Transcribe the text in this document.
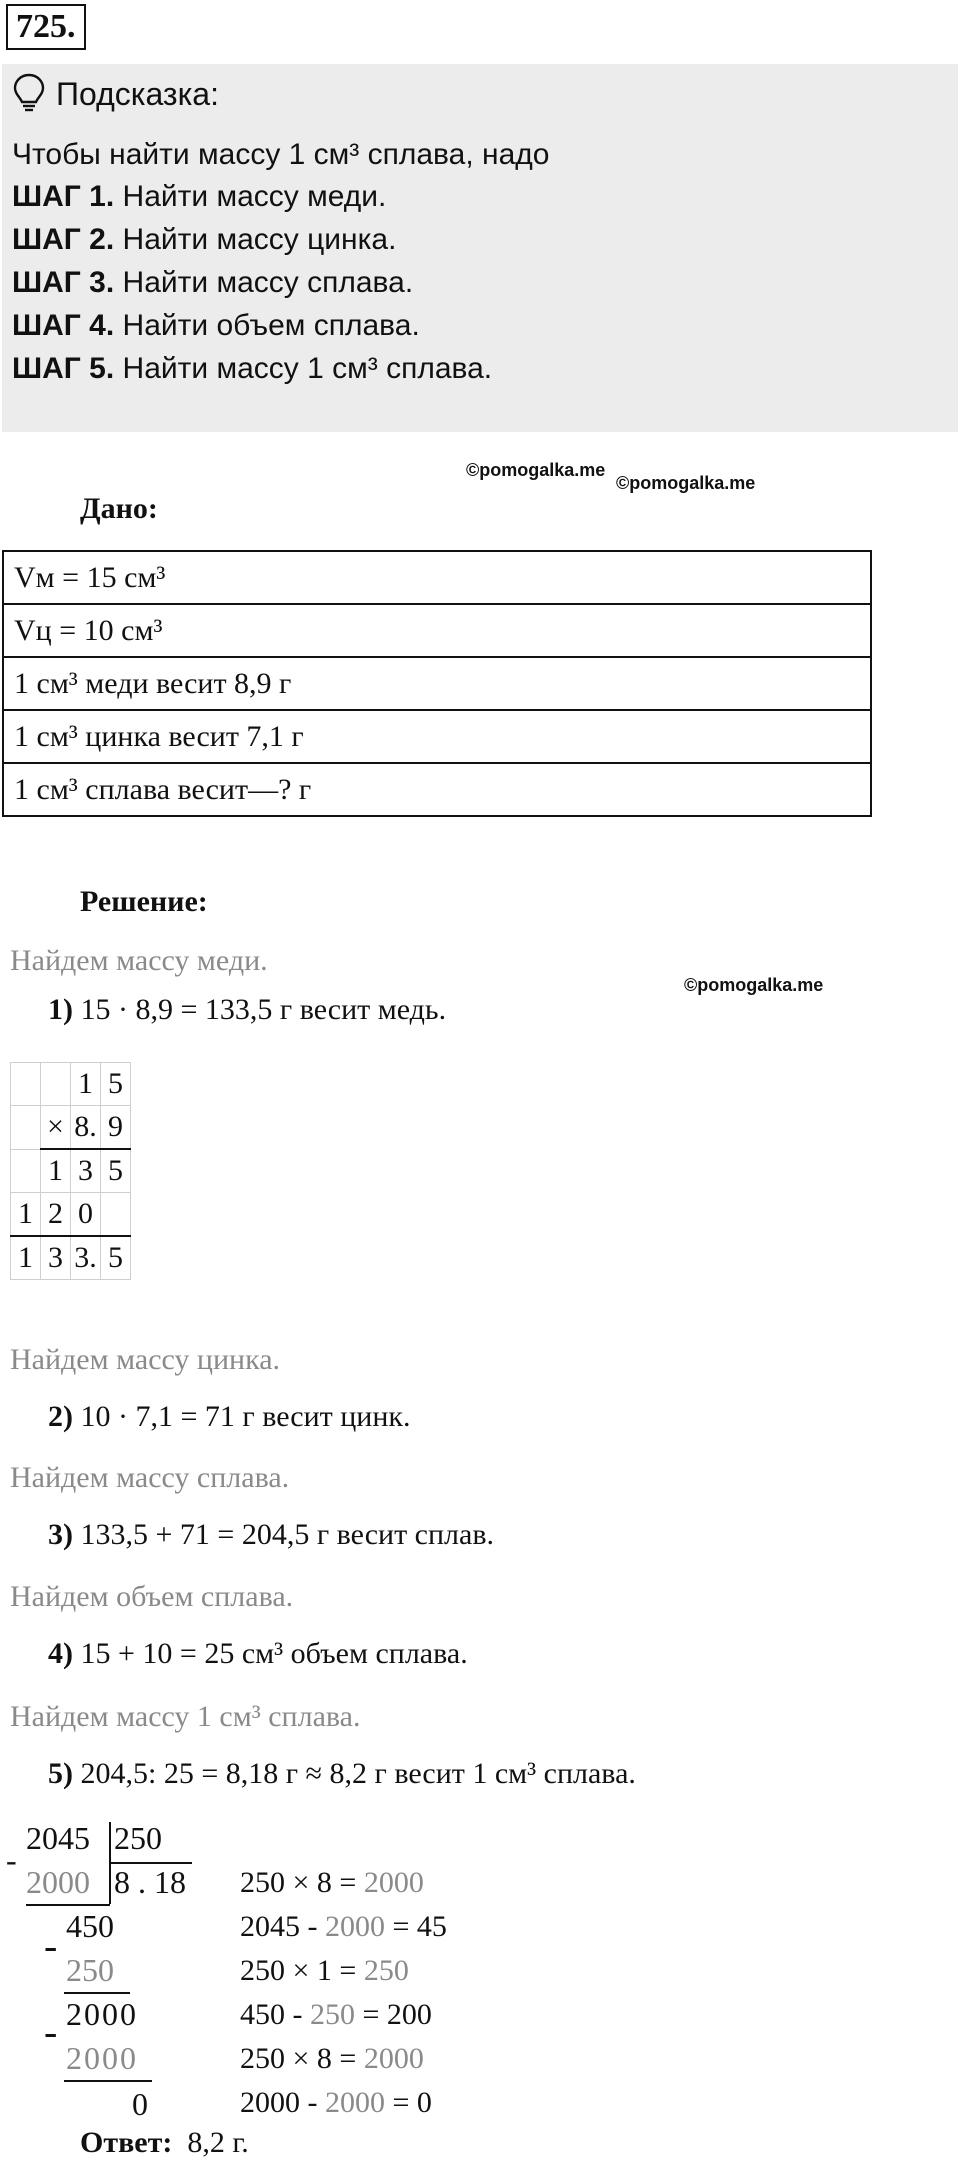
725.
Подсказка:
Чтобы найти массу 1 см³ сплава, надо
ШАГ 1. Найти массу меди.
ШАГ 2. Найти массу цинка.
ШАГ 3. Найти массу сплава.
ШАГ 4. Найти объем сплава.
ШАГ 5. Найти массу 1 см³ сплава.
©pomogalka.me
©pomogalka.me
©pomogalka.me
Дано:
Vм = 15 см³
Vц = 10 см³
1 см³ меди весит 8,9 г
1 см³ цинка весит 7,1 г
1 см³ сплава весит—? г
Решение:
Найдем массу меди.
1) 15 · 8,9 = 133,5 г весит медь.
		1	5
	×	8.	9
	1	3	5
1	2	0	
1	3	3.	5
Найдем массу цинка.
2) 10 · 7,1 = 71 г весит цинк.
Найдем массу сплава.
3) 133,5 + 71 = 204,5 г весит сплав.
Найдем объем сплава.
4) 15 + 10 = 25 см³ объем сплава.
Найдем массу 1 см³ сплава.
5) 204,5: 25 = 8,18 г ≈ 8,2 г весит 1 см³ сплава.
-
2045 250
8 . 18
2000
- 450
250
- 2000
2000
0
250 × 8 = 2000
2045 - 2000 = 45
250 × 1 = 250
450 - 250 = 200
250 × 8 = 2000
2000 - 2000 = 0
Ответ: 8,2 г.
